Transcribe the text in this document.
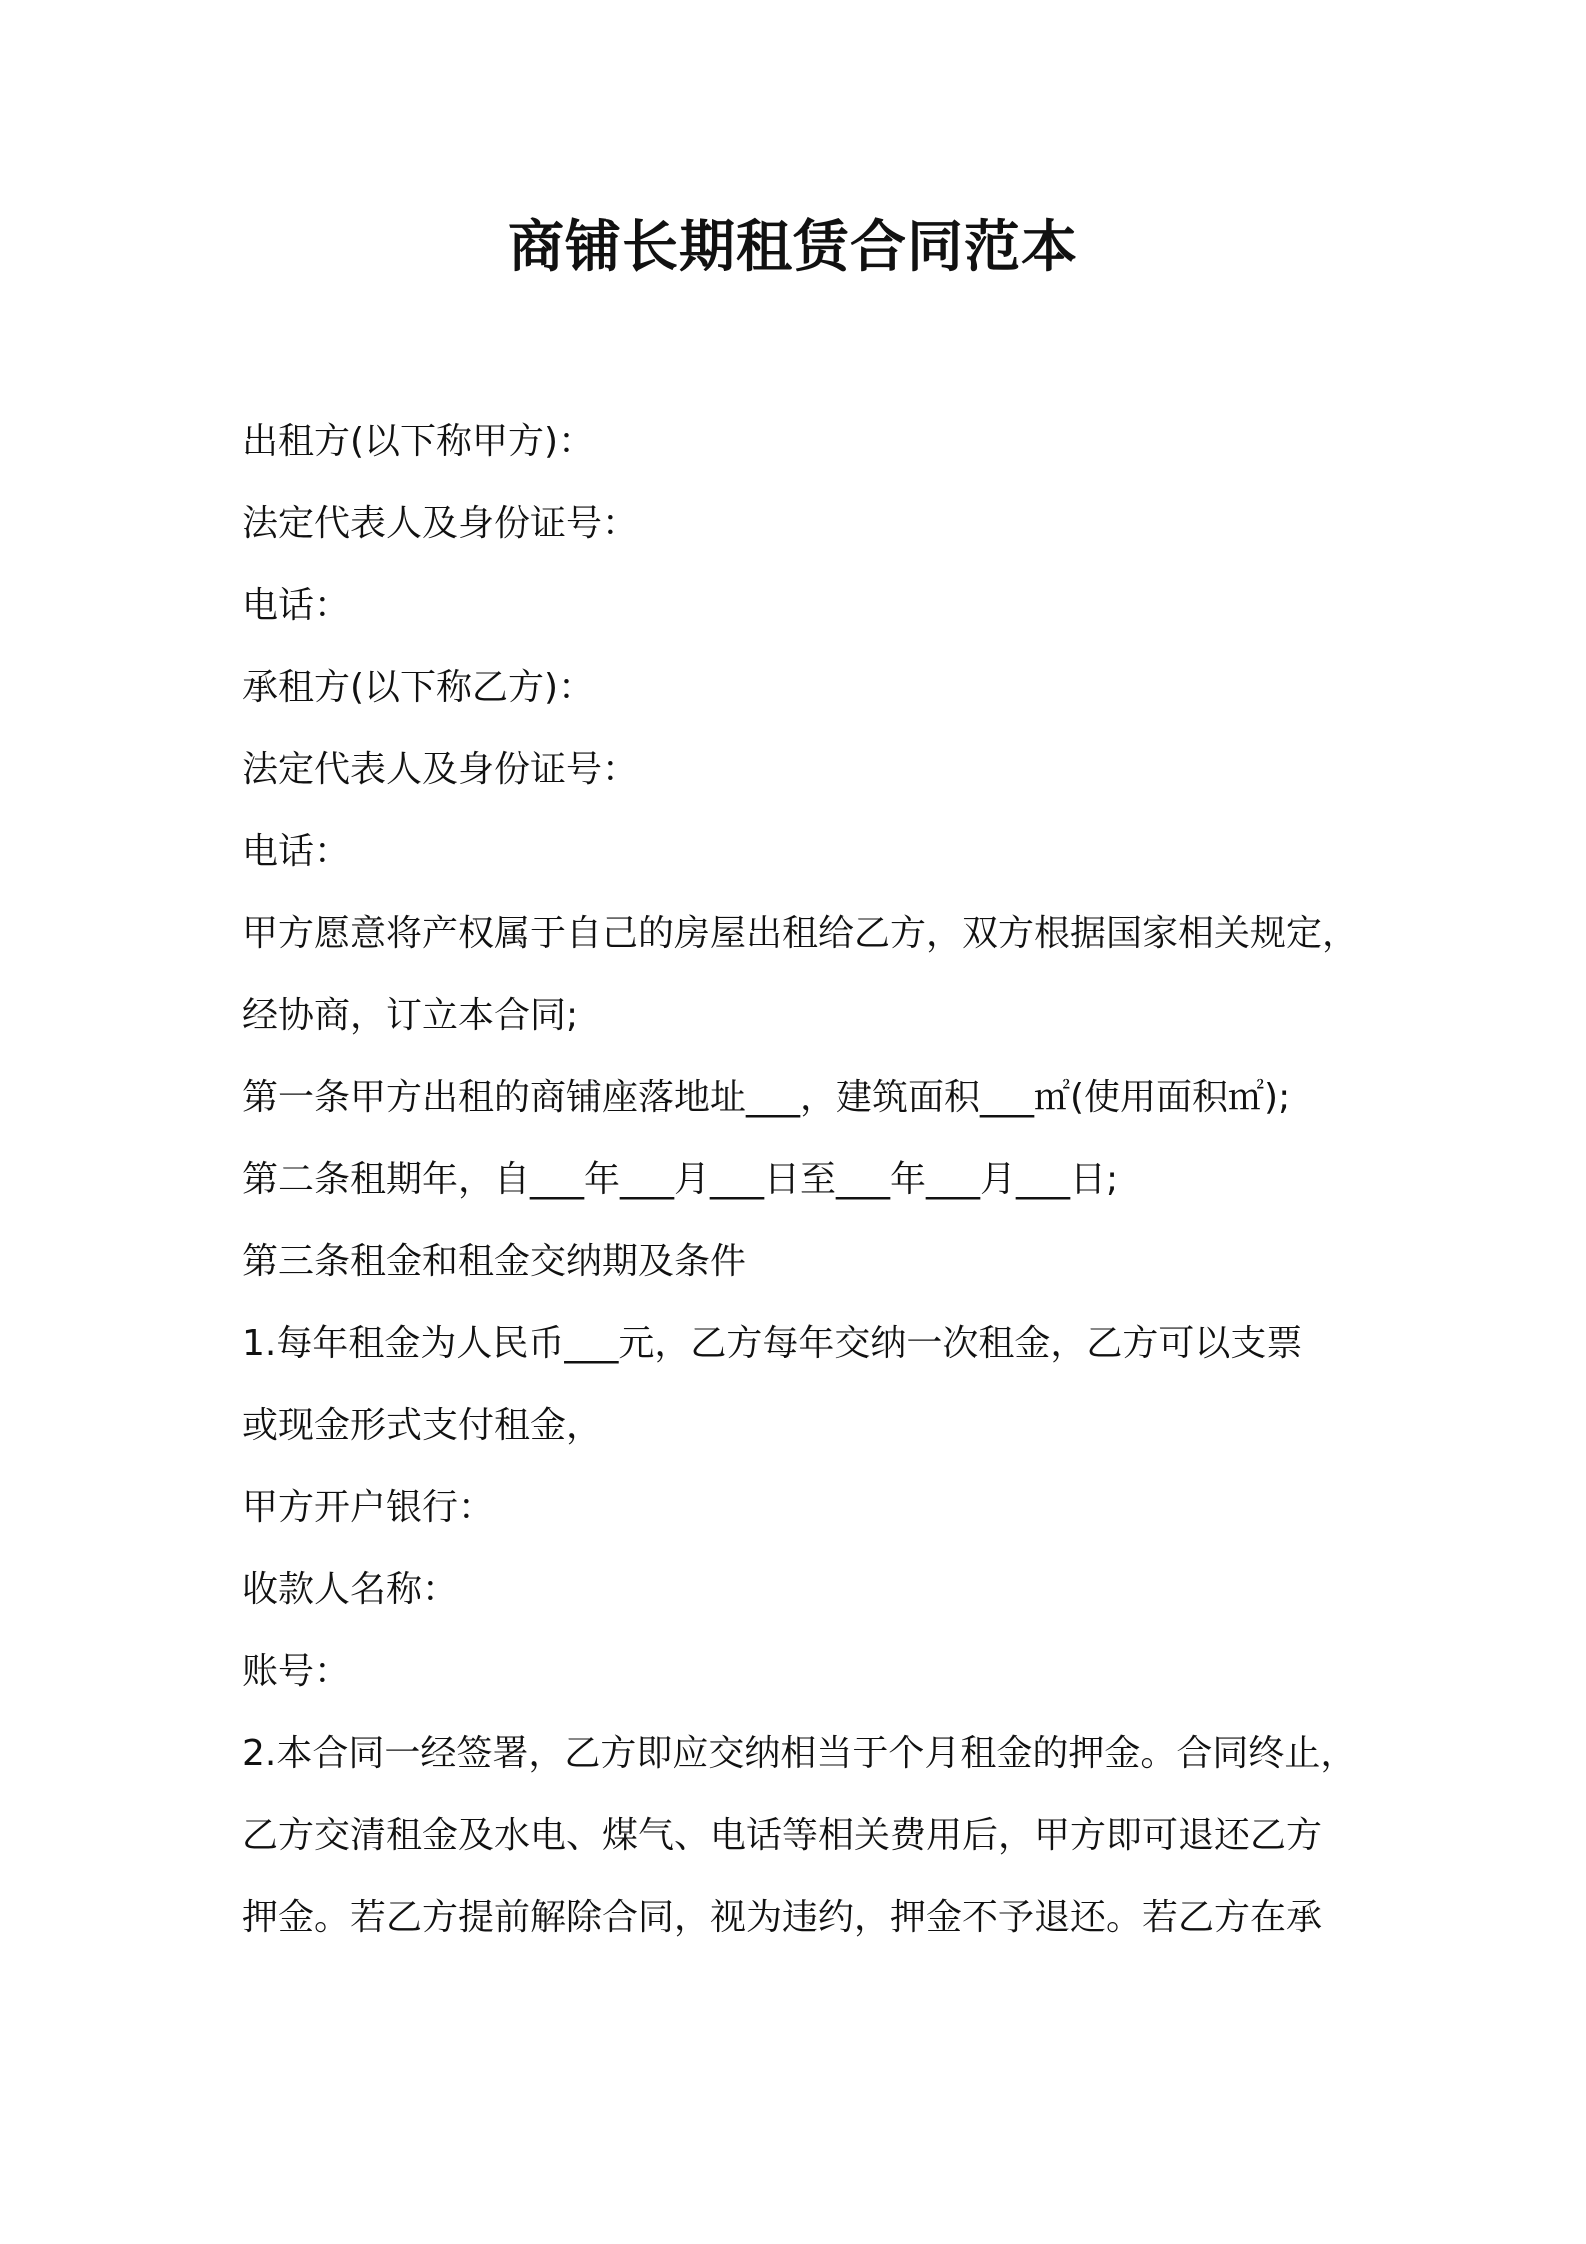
商铺长期租赁合同范本
出租方(以下称甲方)：
法定代表人及身份证号：
电话：
承租方(以下称乙方)：
法定代表人及身份证号：
电话：
甲方愿意将产权属于自己的房屋出租给乙方，双方根据国家相关规定，
经协商，订立本合同;
第一条甲方出租的商铺座落地址___，建筑面积___㎡(使用面积㎡);
第二条租期年，自___年___月___日至___年___月___日;
第三条租金和租金交纳期及条件
1.每年租金为人民币___元，乙方每年交纳一次租金，乙方可以支票
或现金形式支付租金，
甲方开户银行：
收款人名称：
账号：
2.本合同一经签署，乙方即应交纳相当于个月租金的押金。合同终止，
乙方交清租金及水电、煤气、电话等相关费用后，甲方即可退还乙方
押金。若乙方提前解除合同，视为违约，押金不予退还。若乙方在承
